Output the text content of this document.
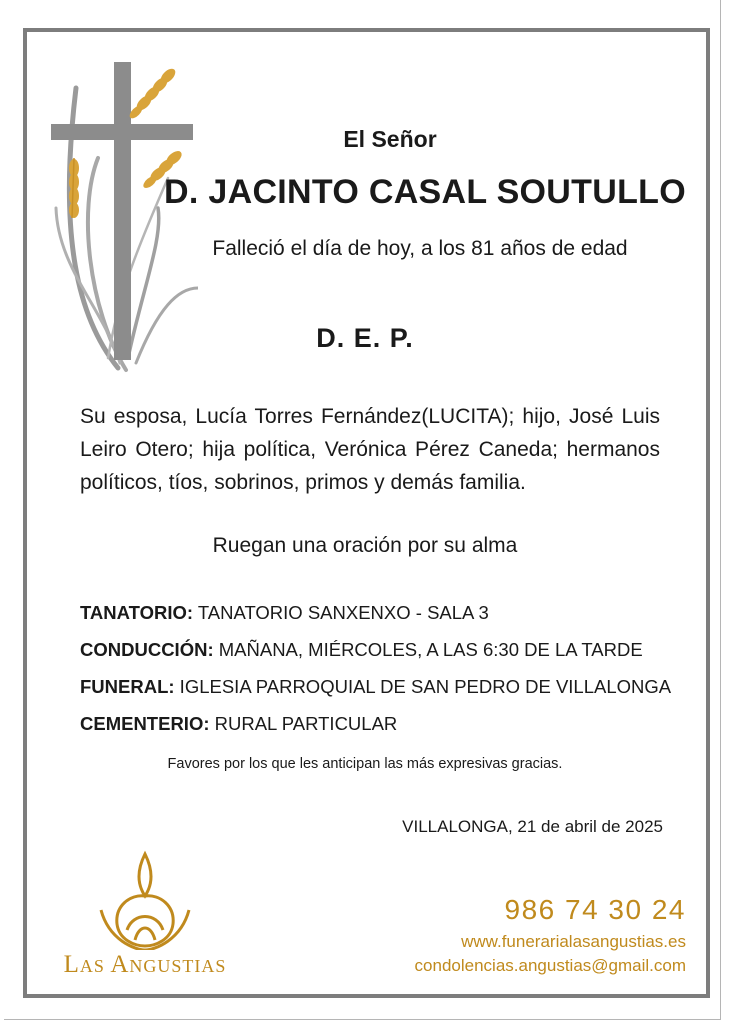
El Señor
D. JACINTO CASAL SOUTULLO
Falleció el día de hoy, a los 81 años de edad
D. E. P.
Su esposa, Lucía Torres Fernández(LUCITA); hijo, José Luis Leiro Otero; hija política, Verónica Pérez Caneda; hermanos políticos, tíos, sobrinos, primos y demás familia.
Ruegan una oración por su alma
TANATORIO: TANATORIO SANXENXO - SALA 3
CONDUCCIÓN: MAÑANA, MIÉRCOLES, A LAS 6:30 DE LA TARDE
FUNERAL: IGLESIA PARROQUIAL DE SAN PEDRO DE VILLALONGA
CEMENTERIO: RURAL PARTICULAR
Favores por los que les anticipan las más expresivas gracias.
VILLALONGA, 21 de abril de 2025
LAS ANGUSTIAS
986 74 30 24
www.funerarialasangustias.es
condolencias.angustias@gmail.com
